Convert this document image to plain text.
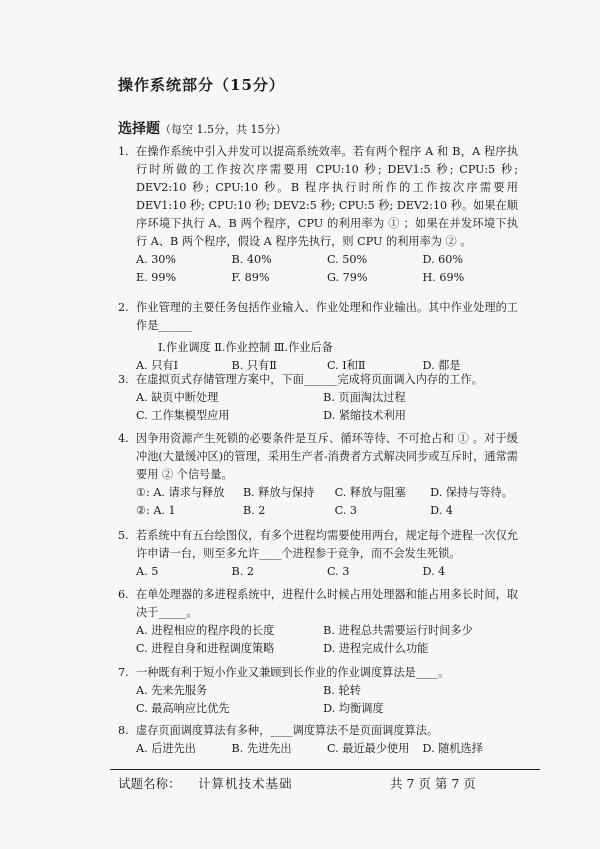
操作系统部分（15分）
选择题（每空 1.5分，共 15分）
1. 在操作系统中引入并发可以提高系统效率。若有两个程序 A 和 B，A 程序执行时所做的工作按次序需要用 CPU:10 秒; DEV1:5 秒; CPU:5 秒; DEV2:10 秒; CPU:10 秒。B 程序执行时所作的工作按次序需要用 DEV1:10 秒; CPU:10 秒; DEV2:5 秒; CPU:5 秒; DEV2:10 秒。如果在顺序环境下执行 A、B 两个程序，CPU 的利用率为 ① ；如果在并发环境下执行 A、B 两个程序，假设 A 程序先执行，则 CPU 的利用率为 ② 。
A. 30%	B. 40%	C. 50%	D. 60%
E. 99%	F. 89%	G. 79%	H. 69%
2. 作业管理的主要任务包括作业输入、作业处理和作业输出。其中作业处理的工作是______
Ⅰ.作业调度 Ⅱ.作业控制 Ⅲ.作业后备
A. 只有Ⅰ	B. 只有Ⅱ	C. Ⅰ和Ⅱ	D. 都是
3. 在虚拟页式存储管理方案中，下面______完成将页面调入内存的工作。
A. 缺页中断处理	B. 页面淘汰过程
C. 工作集模型应用	D. 紧缩技术利用
4. 因争用资源产生死锁的必要条件是互斥、循环等待、不可抢占和 ① 。对于缓冲池(大量缓冲区)的管理，采用生产者-消费者方式解决同步或互斥时，通常需要用 ② 个信号量。
①: A. 请求与释放	B. 释放与保持	C. 释放与阻塞	D. 保持与等待。
②: A. 1	B. 2	C. 3	D. 4
5. 若系统中有五台绘图仪，有多个进程均需要使用两台，规定每个进程一次仅允许申请一台，则至多允许____个进程参于竞争，而不会发生死锁。
A. 5	B. 2	C. 3	D. 4
6. 在单处理器的多进程系统中，进程什么时候占用处理器和能占用多长时间，取决于_____。
A. 进程相应的程序段的长度	B. 进程总共需要运行时间多少
C. 进程自身和进程调度策略	D. 进程完成什么功能
7. 一种既有利于短小作业又兼顾到长作业的作业调度算法是____。
A. 先来先服务	B. 轮转
C. 最高响应比优先	D. 均衡调度
8. 虚存页面调度算法有多种，____调度算法不是页面调度算法。
A. 后进先出	B. 先进先出	C. 最近最少使用	D. 随机选择
试题名称： 计算机技术基础	共 7 页 第 7 页
